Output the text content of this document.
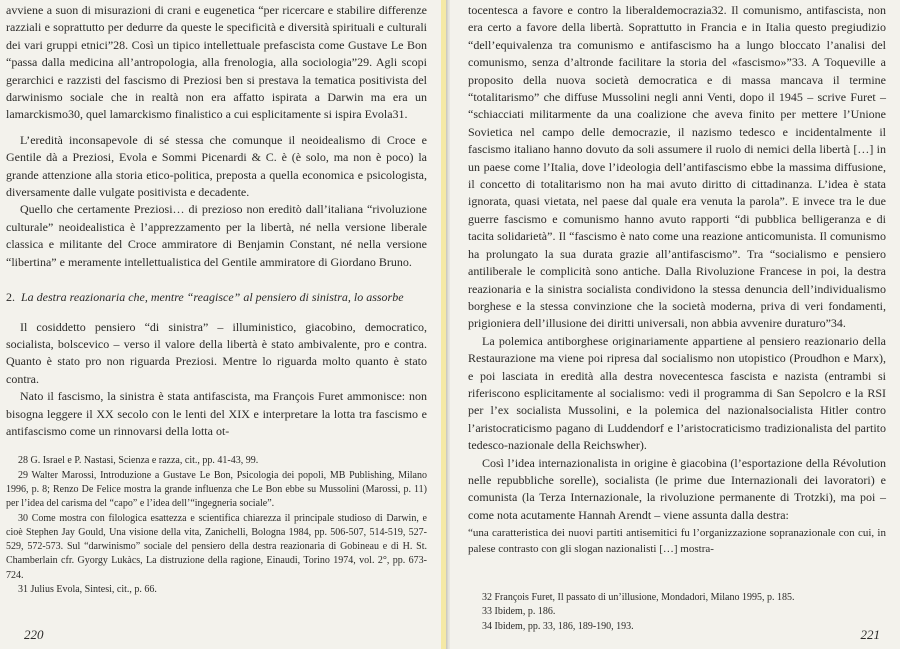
avviene a suon di misurazioni di crani e eugenetica “per ricercare e stabilire differenze razziali e soprattutto per dedurre da queste le specificità e diversità spirituali e culturali dei vari gruppi etnici”28. Così un tipico intellettuale prefascista come Gustave Le Bon “passa dalla medicina all’antropologia, alla frenologia, alla sociologia”29. Agli scopi gerarchici e razzisti del fascismo di Preziosi ben si prestava la tematica positivista del darwinismo sociale che in realtà non era affatto ispirata a Darwin ma era un lamarckismo30, quel lamarckismo finalistico a cui esplicitamente si ispira Evola31.

L’eredità inconsapevole di sé stessa che comunque il neoidealismo di Croce e Gentile dà a Preziosi, Evola e Sommi Picenardi & C. è (è solo, ma non è poco) la grande attenzione alla storia etico-politica, preposta a quella economica e psicologista, diversamente dalle vulgate positivista e decadente.

Quello che certamente Preziosi… di prezioso non ereditò dall’italiana “rivoluzione culturale” neoidealistica è l’apprezzamento per la libertà, né nella versione liberale classica e militante del Croce ammiratore di Benjamin Constant, né nella versione “libertina” e meramente intellettualistica del Gentile ammiratore di Giordano Bruno.

2. La destra reazionaria che, mentre “reagisce” al pensiero di sinistra, lo assorbe

Il cosiddetto pensiero “di sinistra” – illuministico, giacobino, democratico, socialista, bolscevico – verso il valore della libertà è stato ambivalente, pro e contra. Quanto è stato pro non riguarda Preziosi. Mentre lo riguarda molto quanto è stato contra.

Nato il fascismo, la sinistra è stata antifascista, ma François Furet ammonisce: non bisogna leggere il XX secolo con le lenti del XIX e interpretare la lotta tra fascismo e antifascismo come un rinnovarsi della lotta ot-

28 G. Israel e P. Nastasi, Scienza e razza, cit., pp. 41-43, 99.
29 Walter Marossi, Introduzione a Gustave Le Bon, Psicologia dei popoli, MB Publishing, Milano 1996, p. 8; Renzo De Felice mostra la grande influenza che Le Bon ebbe su Mussolini (Marossi, p. 11) per l’idea del carisma del “capo” e l’idea dell’“ingegneria sociale”.
30 Come mostra con filologica esattezza e scientifica chiarezza il principale studioso di Darwin, e cioè Stephen Jay Gould, Una visione della vita, Zanichelli, Bologna 1984, pp. 506-507, 514-519, 527-529, 572-573. Sul “darwinismo” sociale del pensiero della destra reazionaria di Gobineau e di H. St. Chamberlain cfr. Gyorgy Lukàcs, La distruzione della ragione, Einaudi, Torino 1974, vol. 2°, pp. 673-724.
31 Julius Evola, Sintesi, cit., p. 66.
220

tocentesca a favore e contro la liberaldemocrazia32. Il comunismo, antifascista, non era certo a favore della libertà. Soprattutto in Francia e in Italia questo pregiudizio “dell’equivalenza tra comunismo e antifascismo ha a lungo bloccato l’analisi del comunismo, senza d’altronde facilitare la storia del «fascismo»”33. A Toqueville a proposito della nuova società democratica e di massa mancava il termine “totalitarismo” che diffuse Mussolini negli anni Venti, dopo il 1945 – scrive Furet – “schiacciati militarmente da una coalizione che aveva finito per mettere l’Unione Sovietica nel campo delle democrazie, il nazismo tedesco e incidentalmente il fascismo italiano hanno dovuto da soli assumere il ruolo di nemici della libertà […] in un paese come l’Italia, dove l’ideologia dell’antifascismo ebbe la massima diffusione, il concetto di totalitarismo non ha mai avuto diritto di cittadinanza. L’idea è stata ignorata, quasi vietata, nel paese dal quale era venuta la parola”. E invece tra le due guerre fascismo e comunismo hanno avuto rapporti “di pubblica belligeranza e di tacita solidarietà”. Il “fascismo è nato come una reazione anticomunista. Il comunismo ha prolungato la sua durata grazie all’antifascismo”. Tra “socialismo e pensiero antiliberale le complicità sono antiche. Dalla Rivoluzione Francese in poi, la destra reazionaria e la sinistra socialista condividono la stessa denuncia dell’individualismo borghese e la stessa convinzione che la società moderna, priva di veri fondamenti, prigioniera dell’illusione dei diritti universali, non abbia avvenire duraturo”34.

La polemica antiborghese originariamente appartiene al pensiero reazionario della Restaurazione ma viene poi ripresa dal socialismo non utopistico (Proudhon e Marx), e poi lasciata in eredità alla destra novecentesca fascista e nazista (entrambi si riferiscono esplicitamente al socialismo: vedi il programma di San Sepolcro e la RSI per l’ex socialista Mussolini, e la polemica del nazionalsocialista Hitler contro l’aristocraticismo pagano di Luddendorf e l’aristocraticismo tradizionalista del partito tedesco-nazionale della Reichswher).

Così l’idea internazionalista in origine è giacobina (l’esportazione della Révolution nelle repubbliche sorelle), socialista (le prime due Internazionali dei lavoratori) e comunista (la Terza Internazionale, la rivoluzione permanente di Trotzki), ma poi – come nota acutamente Hannah Arendt – viene assunta dalla destra:

“una caratteristica dei nuovi partiti antisemitici fu l’organizzazione sopranazionale con cui, in palese contrasto con gli slogan nazionalisti […] mostra-

32 François Furet, Il passato di un’illusione, Mondadori, Milano 1995, p. 185.
33 Ibidem, p. 186.
34 Ibidem, pp. 33, 186, 189-190, 193.
221
